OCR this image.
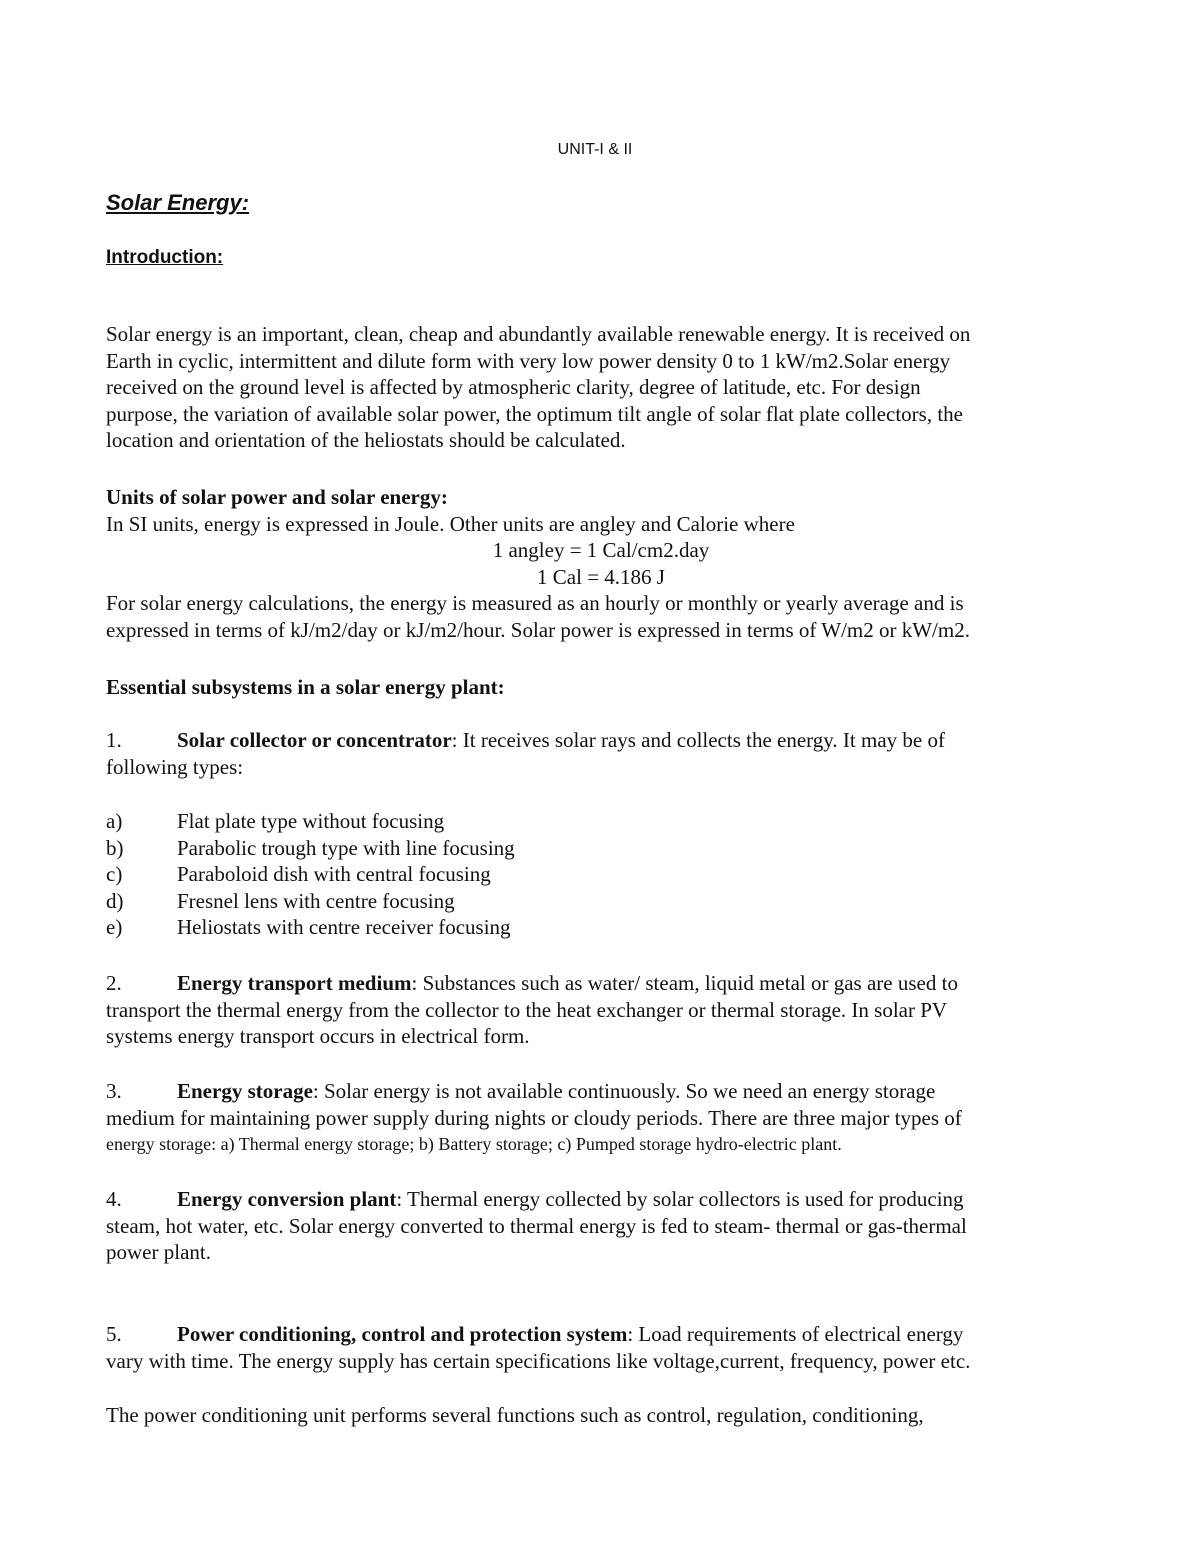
UNIT-I & II
Solar Energy:
Introduction:

Solar energy is an important, clean, cheap and abundantly available renewable energy. It is received on

Earth in cyclic, intermittent and dilute form with very low power density 0 to 1 kW/m2.Solar energy

received on the ground level is affected by atmospheric clarity, degree of latitude, etc. For design

purpose, the variation of available solar power, the optimum tilt angle of solar flat plate collectors, the

location and orientation of the heliostats should be calculated.

Units of solar power and solar energy:

In SI units, energy is expressed in Joule. Other units are angley and Calorie where

1 angley = 1 Cal/cm2.day

1 Cal = 4.186 J

For solar energy calculations, the energy is measured as an hourly or monthly or yearly average and is

expressed in terms of kJ/m2/day or kJ/m2/hour. Solar power is expressed in terms of W/m2 or kW/m2.

Essential subsystems in a solar energy plant:

1.	Solar collector or concentrator: It receives solar rays and collects the energy. It may be of

following types:

a)	Flat plate type without focusing
b)	Parabolic trough type with line focusing
c)	Paraboloid dish with central focusing
d)	Fresnel lens with centre focusing
e)	Heliostats with centre receiver focusing

2.	Energy transport medium: Substances such as water/ steam, liquid metal or gas are used to

transport the thermal energy from the collector to the heat exchanger or thermal storage. In solar PV

systems energy transport occurs in electrical form.

3.	Energy storage: Solar energy is not available continuously. So we need an energy storage

medium for maintaining power supply during nights or cloudy periods. There are three major types of

energy storage: a) Thermal energy storage; b) Battery storage; c) Pumped storage hydro-electric plant.

4.	Energy conversion plant: Thermal energy collected by solar collectors is used for producing

steam, hot water, etc. Solar energy converted to thermal energy is fed to steam- thermal or gas-thermal

power plant.

5.	Power conditioning, control and protection system: Load requirements of electrical energy

vary with time. The energy supply has certain specifications like voltage,current, frequency, power etc.

The power conditioning unit performs several functions such as control, regulation, conditioning,
